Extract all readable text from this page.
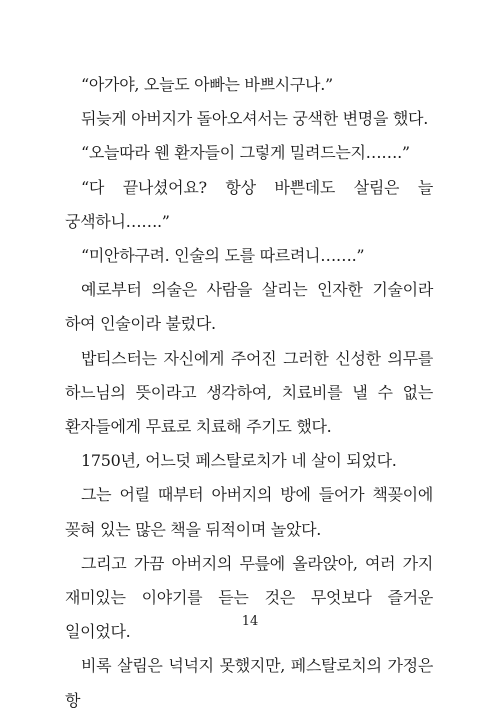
“아가야, 오늘도 아빠는 바쁘시구나.”

뒤늦게 아버지가 돌아오셔서는 궁색한 변명을 했다.

“오늘따라 웬 환자들이 그렇게 밀려드는지…….”

“다 끝나셨어요? 항상 바쁜데도 살림은 늘 궁색하니…….”

“미안하구려. 인술의 도를 따르려니…….”

예로부터 의술은 사람을 살리는 인자한 기술이라 하여 인술이라 불렀다.

밥티스터는 자신에게 주어진 그러한 신성한 의무를 하느님의 뜻이라고 생각하여, 치료비를 낼 수 없는 환자들에게 무료로 치료해 주기도 했다.

1750년, 어느덧 페스탈로치가 네 살이 되었다.

그는 어릴 때부터 아버지의 방에 들어가 책꽂이에 꽂혀 있는 많은 책을 뒤적이며 놀았다.

그리고 가끔 아버지의 무릎에 올라앉아, 여러 가지 재미있는 이야기를 듣는 것은 무엇보다 즐거운 일이었다.

비록 살림은 넉넉지 못했지만, 페스탈로치의 가정은 항

14
